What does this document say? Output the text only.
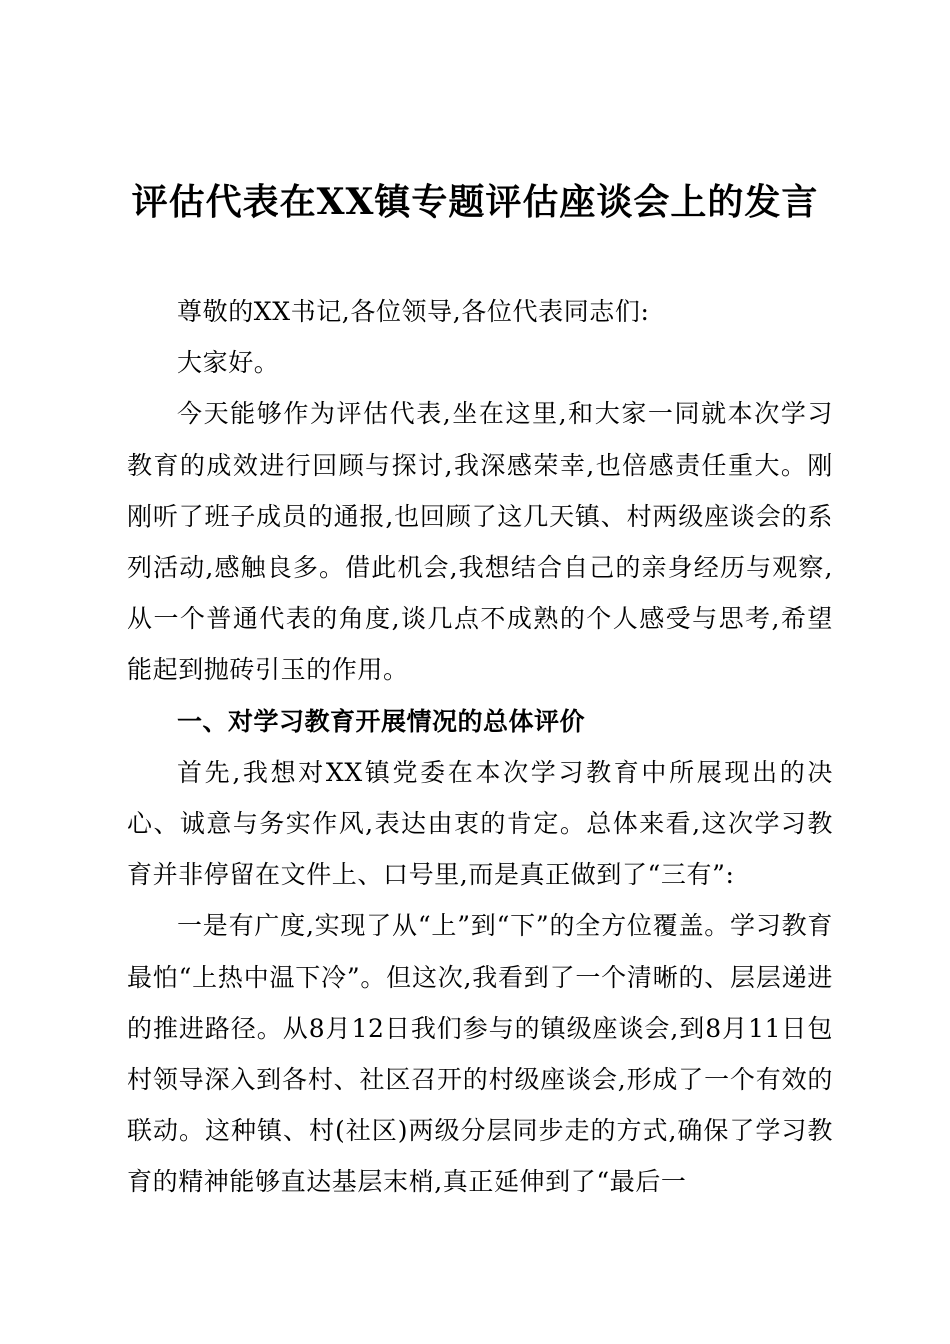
评估代表在XX镇专题评估座谈会上的发言

尊敬的XX书记,各位领导,各位代表同志们:

大家好。

今天能够作为评估代表,坐在这里,和大家一同就本次学习教育的成效进行回顾与探讨,我深感荣幸,也倍感责任重大。刚刚听了班子成员的通报,也回顾了这几天镇、村两级座谈会的系列活动,感触良多。借此机会,我想结合自己的亲身经历与观察,从一个普通代表的角度,谈几点不成熟的个人感受与思考,希望能起到抛砖引玉的作用。

一、对学习教育开展情况的总体评价

首先,我想对XX镇党委在本次学习教育中所展现出的决心、诚意与务实作风,表达由衷的肯定。总体来看,这次学习教育并非停留在文件上、口号里,而是真正做到了“三有”:

一是有广度,实现了从“上”到“下”的全方位覆盖。学习教育最怕“上热中温下冷”。但这次,我看到了一个清晰的、层层递进的推进路径。从8月12日我们参与的镇级座谈会,到8月11日包村领导深入到各村、社区召开的村级座谈会,形成了一个有效的联动。这种镇、村(社区)两级分层同步走的方式,确保了学习教育的精神能够直达基层末梢,真正延伸到了“最后一
